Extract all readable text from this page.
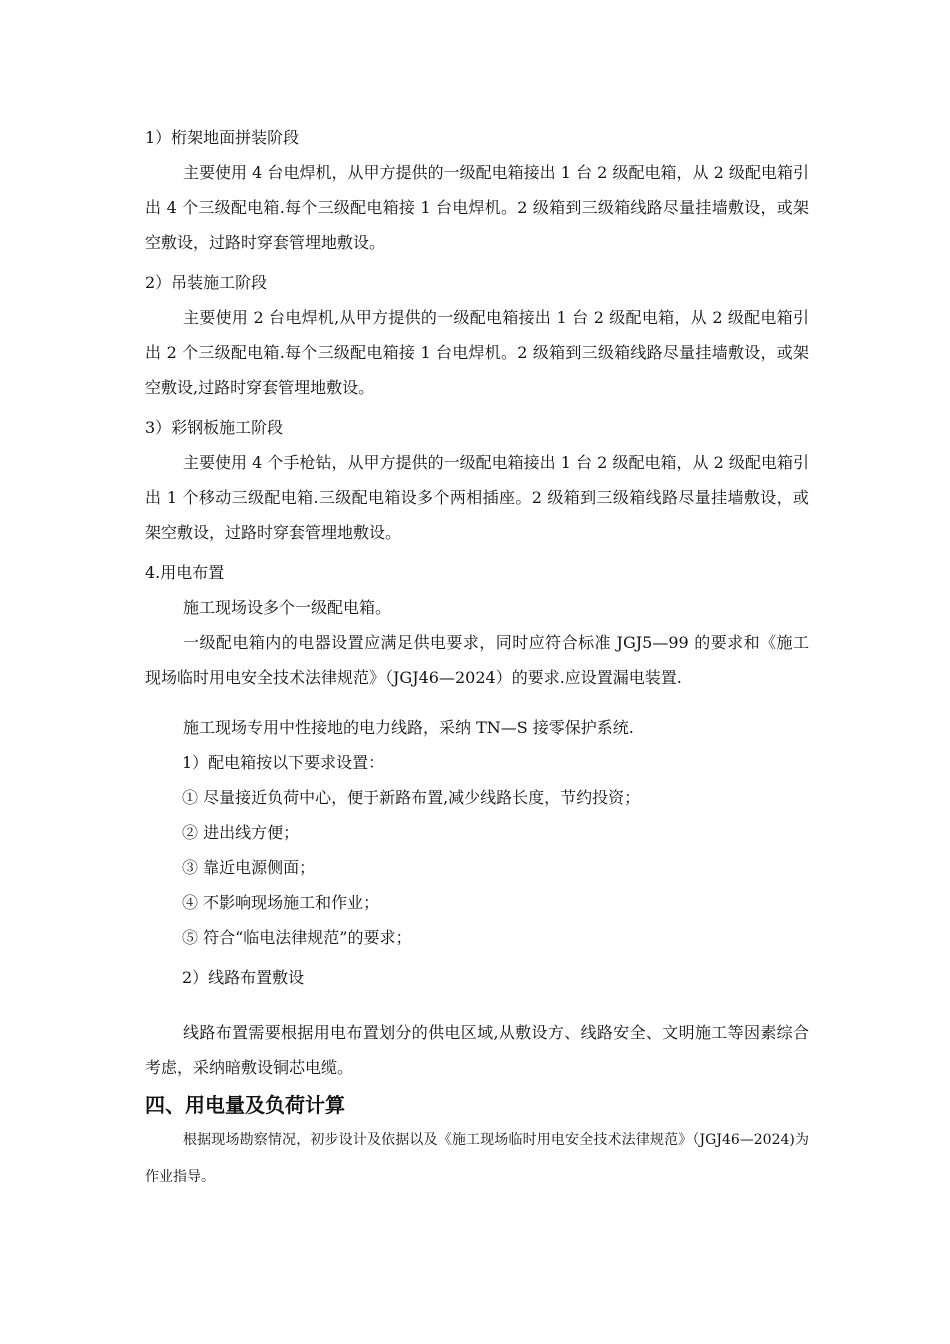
1）桁架地面拼装阶段

主要使用 4 台电焊机，从甲方提供的一级配电箱接出 1 台 2 级配电箱，从 2 级配电箱引出 4 个三级配电箱.每个三级配电箱接 1 台电焊机。2 级箱到三级箱线路尽量挂墙敷设，或架空敷设，过路时穿套管埋地敷设。

2）吊装施工阶段

主要使用 2 台电焊机,从甲方提供的一级配电箱接出 1 台 2 级配电箱，从 2 级配电箱引出 2 个三级配电箱.每个三级配电箱接 1 台电焊机。2 级箱到三级箱线路尽量挂墙敷设，或架空敷设,过路时穿套管埋地敷设。

3）彩钢板施工阶段

主要使用 4 个手枪钻，从甲方提供的一级配电箱接出 1 台 2 级配电箱，从 2 级配电箱引出 1 个移动三级配电箱.三级配电箱设多个两相插座。2 级箱到三级箱线路尽量挂墙敷设，或架空敷设，过路时穿套管埋地敷设。

4.用电布置

施工现场设多个一级配电箱。

一级配电箱内的电器设置应满足供电要求，同时应符合标准 JGJ5—99 的要求和《施工现场临时用电安全技术法律规范》（JGJ46—2024）的要求.应设置漏电装置.

施工现场专用中性接地的电力线路，采纳 TN—S 接零保护系统.

1）配电箱按以下要求设置：

① 尽量接近负荷中心，便于新路布置,减少线路长度，节约投资；

② 进出线方便；

③ 靠近电源侧面；

④ 不影响现场施工和作业；

⑤ 符合“临电法律规范”的要求；

2）线路布置敷设

线路布置需要根据用电布置划分的供电区域,从敷设方、线路安全、文明施工等因素综合考虑，采纳暗敷设铜芯电缆。

四、用电量及负荷计算

根据现场勘察情况，初步设计及依据以及《施工现场临时用电安全技术法律规范》（JGJ46—2024)为作业指导。
